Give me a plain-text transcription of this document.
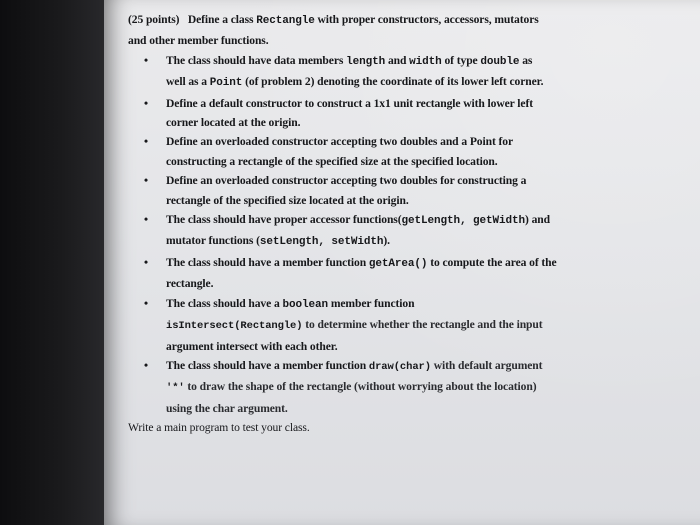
(25 points) Define a class Rectangle with proper constructors, accessors, mutators
and other member functions.
• The class should have data members length and width of type double as
well as a Point (of problem 2) denoting the coordinate of its lower left corner.
• Define a default constructor to construct a 1x1 unit rectangle with lower left
corner located at the origin.
• Define an overloaded constructor accepting two doubles and a Point for
constructing a rectangle of the specified size at the specified location.
• Define an overloaded constructor accepting two doubles for constructing a
rectangle of the specified size located at the origin.
• The class should have proper accessor functions(getLength, getWidth) and
mutator functions (setLength, setWidth).
• The class should have a member function getArea() to compute the area of the
rectangle.
• The class should have a boolean member function
isIntersect(Rectangle) to determine whether the rectangle and the input
argument intersect with each other.
• The class should have a member function draw(char) with default argument
'*' to draw the shape of the rectangle (without worrying about the location)
using the char argument.
Write a main program to test your class.
